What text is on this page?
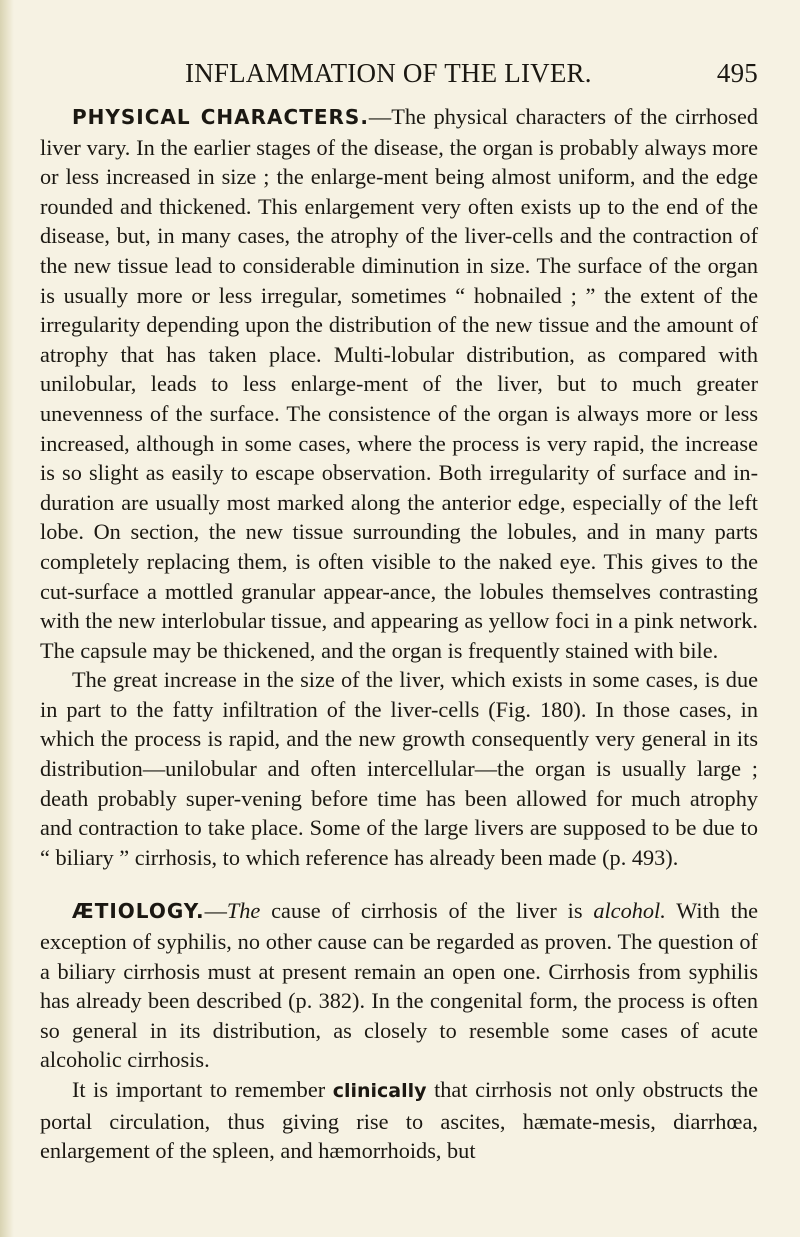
INFLAMMATION OF THE LIVER.	495

PHYSICAL CHARACTERS.—The physical characters of the cirrhosed liver vary. In the earlier stages of the disease, the organ is probably always more or less increased in size ; the enlarge-ment being almost uniform, and the edge rounded and thickened. This enlargement very often exists up to the end of the disease, but, in many cases, the atrophy of the liver-cells and the contraction of the new tissue lead to considerable diminution in size. The surface of the organ is usually more or less irregular, sometimes “ hobnailed ; ” the extent of the irregularity depending upon the distribution of the new tissue and the amount of atrophy that has taken place. Multi-lobular distribution, as compared with unilobular, leads to less enlarge-ment of the liver, but to much greater unevenness of the surface. The consistence of the organ is always more or less increased, although in some cases, where the process is very rapid, the increase is so slight as easily to escape observation. Both irregularity of surface and in-duration are usually most marked along the anterior edge, especially of the left lobe. On section, the new tissue surrounding the lobules, and in many parts completely replacing them, is often visible to the naked eye. This gives to the cut-surface a mottled granular appear-ance, the lobules themselves contrasting with the new interlobular tissue, and appearing as yellow foci in a pink network. The capsule may be thickened, and the organ is frequently stained with bile.

The great increase in the size of the liver, which exists in some cases, is due in part to the fatty infiltration of the liver-cells (Fig. 180). In those cases, in which the process is rapid, and the new growth consequently very general in its distribution—unilobular and often intercellular—the organ is usually large ; death probably super-vening before time has been allowed for much atrophy and contraction to take place. Some of the large livers are supposed to be due to “ biliary ” cirrhosis, to which reference has already been made (p. 493).

ÆTIOLOGY.—The cause of cirrhosis of the liver is alcohol. With the exception of syphilis, no other cause can be regarded as proven. The question of a biliary cirrhosis must at present remain an open one. Cirrhosis from syphilis has already been described (p. 382). In the congenital form, the process is often so general in its distribution, as closely to resemble some cases of acute alcoholic cirrhosis.

It is important to remember clinically that cirrhosis not only obstructs the portal circulation, thus giving rise to ascites, hæmate-mesis, diarrhœa, enlargement of the spleen, and hæmorrhoids, but
